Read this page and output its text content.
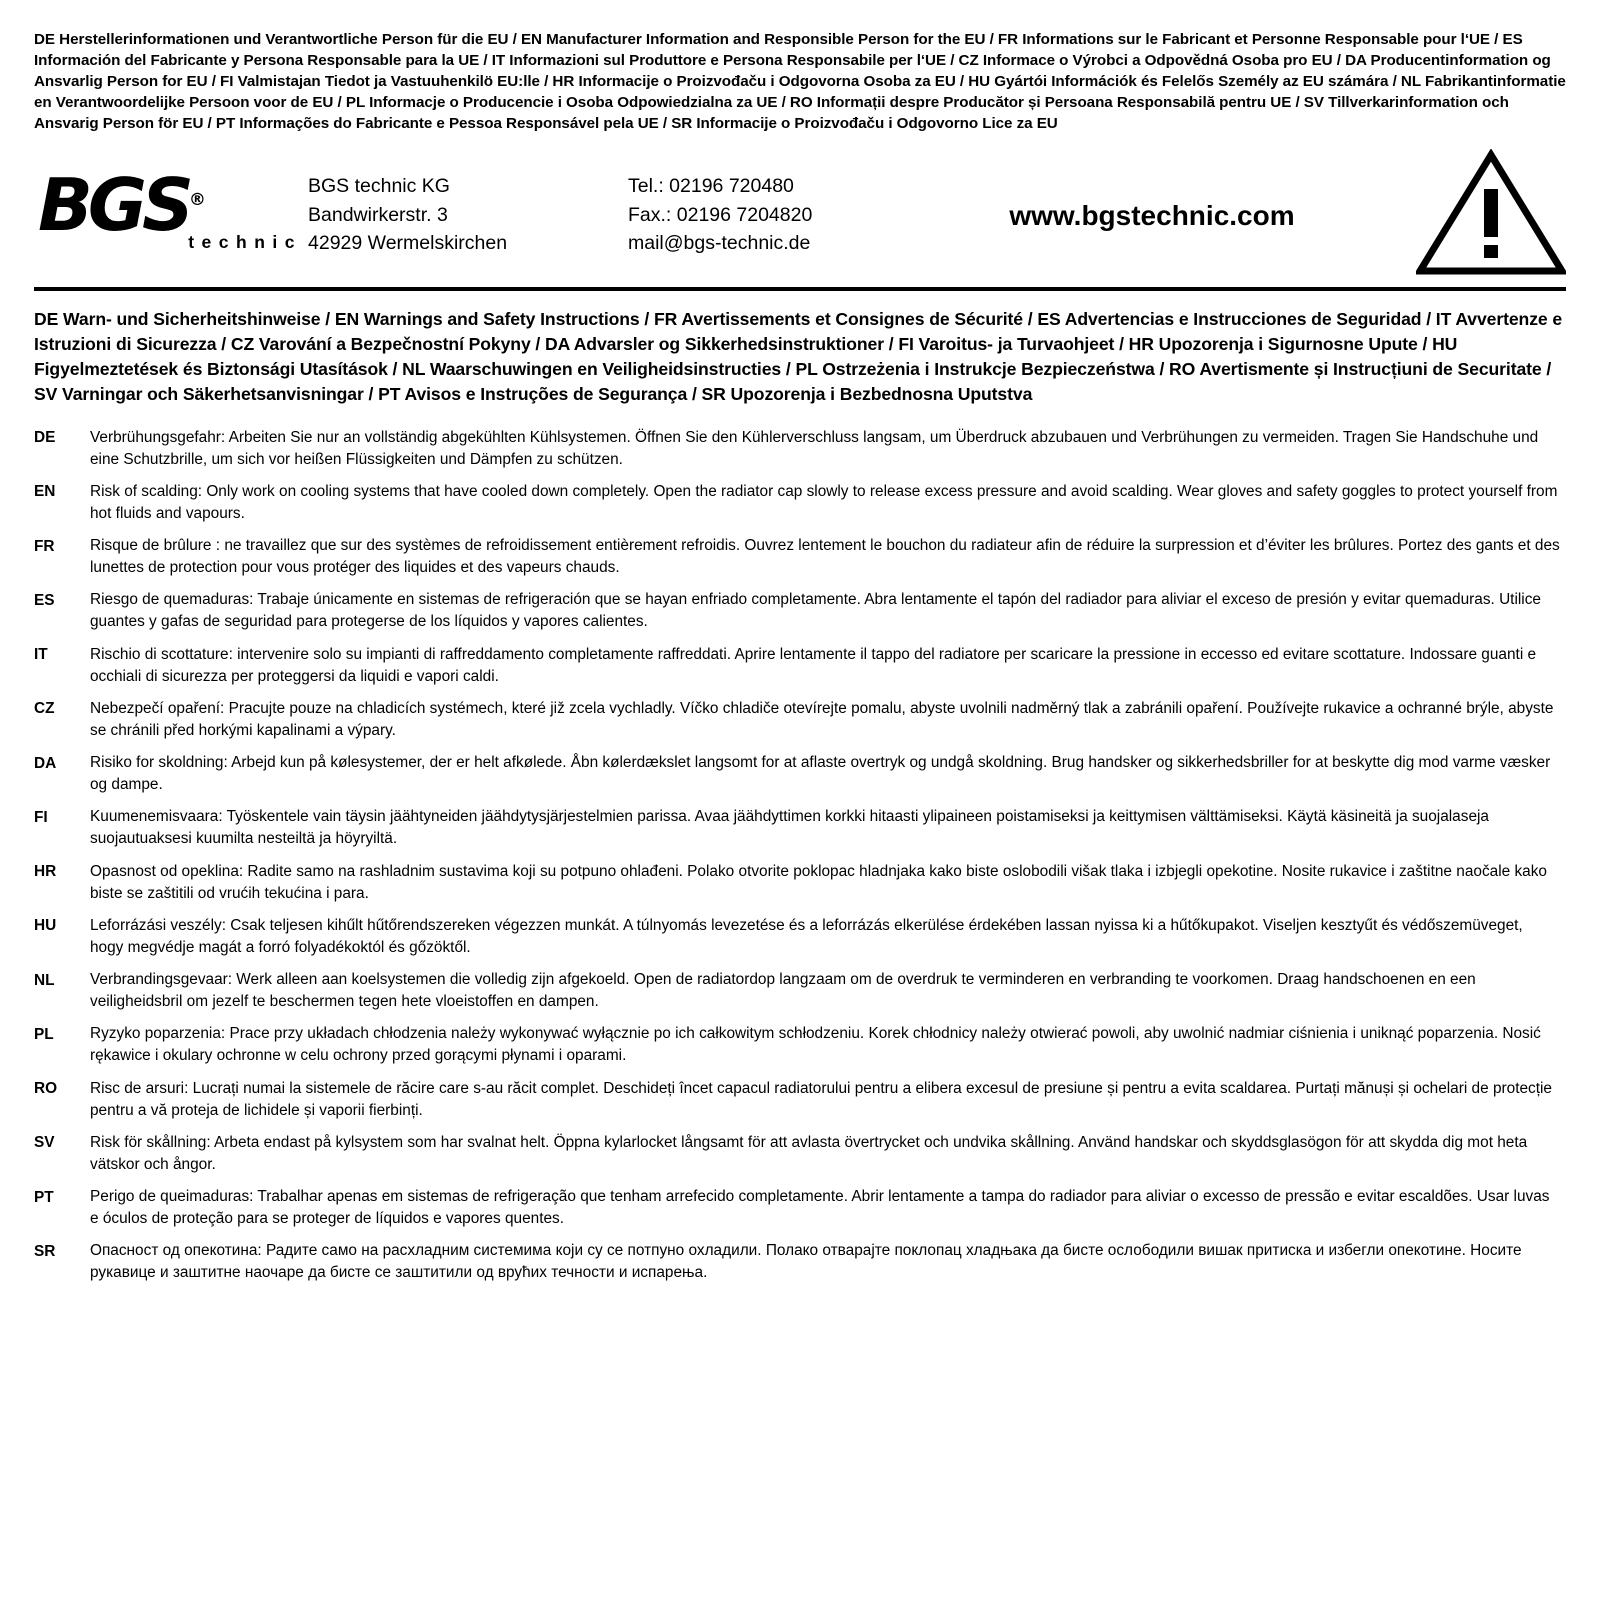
DE Herstellerinformationen und Verantwortliche Person für die EU / EN Manufacturer Information and Responsible Person for the EU / FR Informations sur le Fabricant et Personne Responsable pour l‘UE / ES Información del Fabricante y Persona Responsable para la UE / IT Informazioni sul Produttore e Persona Responsabile per l‘UE / CZ Informace o Výrobci a Odpovědná Osoba pro EU / DA Producentinformation og Ansvarlig Person for EU / FI Valmistajan Tiedot ja Vastuuhenkilö EU:lle / HR Informacije o Proizvođaču i Odgovorna Osoba za EU / HU Gyártói Információk és Felelős Személy az EU számára / NL Fabrikantinformatie en Verantwoordelijke Persoon voor de EU / PL Informacje o Producencie i Osoba Odpowiedzialna za UE / RO Informații despre Producător și Persoana Responsabilă pentru UE / SV Tillverkarinformation och Ansvarig Person för EU / PT Informações do Fabricante e Pessoa Responsável pela UE / SR Informacije o Proizvođaču i Odgovorno Lice za EU
BGS®
technic
BGS technic KG
Bandwirkerstr. 3
42929 Wermelskirchen
Tel.: 02196 720480
Fax.: 02196 7204820
mail@bgs-technic.de
www.bgstechnic.com
DE Warn- und Sicherheitshinweise / EN Warnings and Safety Instructions / FR Avertissements et Consignes de Sécurité / ES Advertencias e Instrucciones de Seguridad / IT Avvertenze e Istruzioni di Sicurezza / CZ Varování a Bezpečnostní Pokyny / DA Advarsler og Sikkerhedsinstruktioner / FI Varoitus- ja Turvaohjeet / HR Upozorenja i Sigurnosne Upute / HU Figyelmeztetések és Biztonsági Utasítások / NL Waarschuwingen en Veiligheidsinstructies / PL Ostrzeżenia i Instrukcje Bezpieczeństwa / RO Avertismente și Instrucțiuni de Securitate / SV Varningar och Säkerhetsanvisningar / PT Avisos e Instruções de Segurança / SR Upozorenja i Bezbednosna Uputstva
DE	Verbrühungsgefahr: Arbeiten Sie nur an vollständig abgekühlten Kühlsystemen. Öffnen Sie den Kühlerverschluss langsam, um Überdruck abzubauen und Verbrühungen zu vermeiden. Tragen Sie Handschuhe und eine Schutzbrille, um sich vor heißen Flüssigkeiten und Dämpfen zu schützen.
EN	Risk of scalding: Only work on cooling systems that have cooled down completely. Open the radiator cap slowly to release excess pressure and avoid scalding. Wear gloves and safety goggles to protect yourself from hot fluids and vapours.
FR	Risque de brûlure : ne travaillez que sur des systèmes de refroidissement entièrement refroidis. Ouvrez lentement le bouchon du radiateur afin de réduire la surpression et d’éviter les brûlures. Portez des gants et des lunettes de protection pour vous protéger des liquides et des vapeurs chauds.
ES	Riesgo de quemaduras: Trabaje únicamente en sistemas de refrigeración que se hayan enfriado completamente. Abra lentamente el tapón del radiador para aliviar el exceso de presión y evitar quemaduras. Utilice guantes y gafas de seguridad para protegerse de los líquidos y vapores calientes.
IT	Rischio di scottature: intervenire solo su impianti di raffreddamento completamente raffreddati. Aprire lentamente il tappo del radiatore per scaricare la pressione in eccesso ed evitare scottature. Indossare guanti e occhiali di sicurezza per proteggersi da liquidi e vapori caldi.
CZ	Nebezpečí opaření: Pracujte pouze na chladicích systémech, které již zcela vychladly. Víčko chladiče otevírejte pomalu, abyste uvolnili nadměrný tlak a zabránili opaření. Používejte rukavice a ochranné brýle, abyste se chránili před horkými kapalinami a výpary.
DA	Risiko for skoldning: Arbejd kun på kølesystemer, der er helt afkølede. Åbn kølerdækslet langsomt for at aflaste overtryk og undgå skoldning. Brug handsker og sikkerhedsbriller for at beskytte dig mod varme væsker og dampe.
FI	Kuumenemisvaara: Työskentele vain täysin jäähtyneiden jäähdytysjärjestelmien parissa. Avaa jäähdyttimen korkki hitaasti ylipaineen poistamiseksi ja keittymisen välttämiseksi. Käytä käsineitä ja suojalaseja suojautuaksesi kuumilta nesteiltä ja höyryiltä.
HR	Opasnost od opeklina: Radite samo na rashladnim sustavima koji su potpuno ohlađeni. Polako otvorite poklopac hladnjaka kako biste oslobodili višak tlaka i izbjegli opekotine. Nosite rukavice i zaštitne naočale kako biste se zaštitili od vrućih tekućina i para.
HU	Leforrázási veszély: Csak teljesen kihűlt hűtőrendszereken végezzen munkát. A túlnyomás levezetése és a leforrázás elkerülése érdekében lassan nyissa ki a hűtőkupakot. Viseljen kesztyűt és védőszemüveget, hogy megvédje magát a forró folyadékoktól és gőzöktől.
NL	Verbrandingsgevaar: Werk alleen aan koelsystemen die volledig zijn afgekoeld. Open de radiatordop langzaam om de overdruk te verminderen en verbranding te voorkomen. Draag handschoenen en een veiligheidsbril om jezelf te beschermen tegen hete vloeistoffen en dampen.
PL	Ryzyko poparzenia: Prace przy układach chłodzenia należy wykonywać wyłącznie po ich całkowitym schłodzeniu. Korek chłodnicy należy otwierać powoli, aby uwolnić nadmiar ciśnienia i uniknąć poparzenia. Nosić rękawice i okulary ochronne w celu ochrony przed gorącymi płynami i oparami.
RO	Risc de arsuri: Lucrați numai la sistemele de răcire care s-au răcit complet. Deschideți încet capacul radiatorului pentru a elibera excesul de presiune și pentru a evita scaldarea. Purtați mănuși și ochelari de protecție pentru a vă proteja de lichidele și vaporii fierbinți.
SV	Risk för skållning: Arbeta endast på kylsystem som har svalnat helt. Öppna kylarlocket långsamt för att avlasta övertrycket och undvika skållning. Använd handskar och skyddsglasögon för att skydda dig mot heta vätskor och ångor.
PT	Perigo de queimaduras: Trabalhar apenas em sistemas de refrigeração que tenham arrefecido completamente. Abrir lentamente a tampa do radiador para aliviar o excesso de pressão e evitar escaldões. Usar luvas e óculos de proteção para se proteger de líquidos e vapores quentes.
SR	Опасност од опекотина: Радите само на расхладним системима који су се потпуно охладили. Полако отварајте поклопац хладњака да бисте ослободили вишак притиска и избегли опекотине. Носите рукавице и заштитне наочаре да бисте се заштитили од врућих течности и испарења.
